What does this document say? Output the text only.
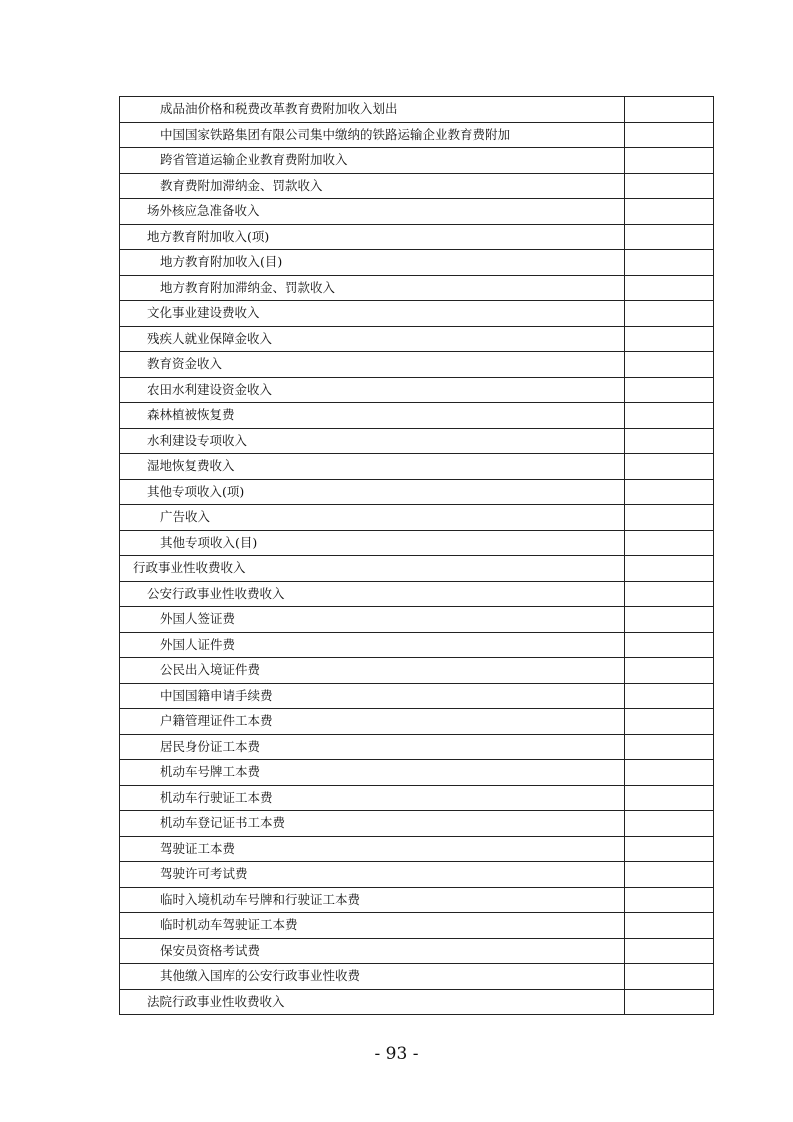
成品油价格和税费改革教育费附加收入划出	
中国国家铁路集团有限公司集中缴纳的铁路运输企业教育费附加	
跨省管道运输企业教育费附加收入	
教育费附加滞纳金、罚款收入	
场外核应急准备收入	
地方教育附加收入(项)	
地方教育附加收入(目)	
地方教育附加滞纳金、罚款收入	
文化事业建设费收入	
残疾人就业保障金收入	
教育资金收入	
农田水利建设资金收入	
森林植被恢复费	
水利建设专项收入	
湿地恢复费收入	
其他专项收入(项)	
广告收入	
其他专项收入(目)	
行政事业性收费收入	
公安行政事业性收费收入	
外国人签证费	
外国人证件费	
公民出入境证件费	
中国国籍申请手续费	
户籍管理证件工本费	
居民身份证工本费	
机动车号牌工本费	
机动车行驶证工本费	
机动车登记证书工本费	
驾驶证工本费	
驾驶许可考试费	
临时入境机动车号牌和行驶证工本费	
临时机动车驾驶证工本费	
保安员资格考试费	
其他缴入国库的公安行政事业性收费	
法院行政事业性收费收入	
- 93 -
